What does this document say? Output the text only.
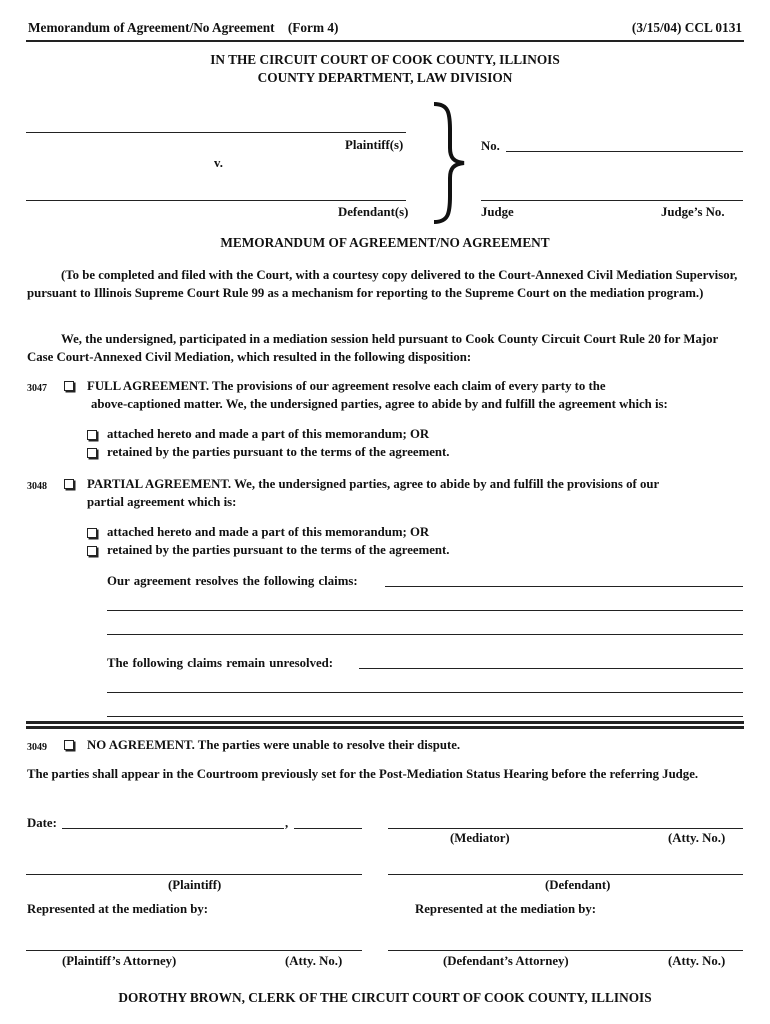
Memorandum of Agreement/No Agreement (Form 4)	(3/15/04) CCL 0131
IN THE CIRCUIT COURT OF COOK COUNTY, ILLINOIS
COUNTY DEPARTMENT, LAW DIVISION
Plaintiff(s)
v.
Defendant(s)
No.
Judge	Judge’s No.
MEMORANDUM OF AGREEMENT/NO AGREEMENT
(To be completed and filed with the Court, with a courtesy copy delivered to the Court-Annexed Civil Mediation Supervisor, pursuant to Illinois Supreme Court Rule 99 as a mechanism for reporting to the Supreme Court on the mediation program.)
We, the undersigned, participated in a mediation session held pursuant to Cook County Circuit Court Rule 20 for Major Case Court-Annexed Civil Mediation, which resulted in the following disposition:
3047	FULL AGREEMENT. The provisions of our agreement resolve each claim of every party to the
above-captioned matter. We, the undersigned parties, agree to abide by and fulfill the agreement which is:
attached hereto and made a part of this memorandum; OR
retained by the parties pursuant to the terms of the agreement.
3048	PARTIAL AGREEMENT. We, the undersigned parties, agree to abide by and fulfill the provisions of our
partial agreement which is:
attached hereto and made a part of this memorandum; OR
retained by the parties pursuant to the terms of the agreement.
Our agreement resolves the following claims:
The following claims remain unresolved:
3049	NO AGREEMENT. The parties were unable to resolve their dispute.
The parties shall appear in the Courtroom previously set for the Post-Mediation Status Hearing before the referring Judge.
Date:	,
(Mediator)	(Atty. No.)
(Plaintiff)	(Defendant)
Represented at the mediation by:	Represented at the mediation by:
(Plaintiff’s Attorney)	(Atty. No.)	(Defendant’s Attorney)	(Atty. No.)
DOROTHY BROWN, CLERK OF THE CIRCUIT COURT OF COOK COUNTY, ILLINOIS
